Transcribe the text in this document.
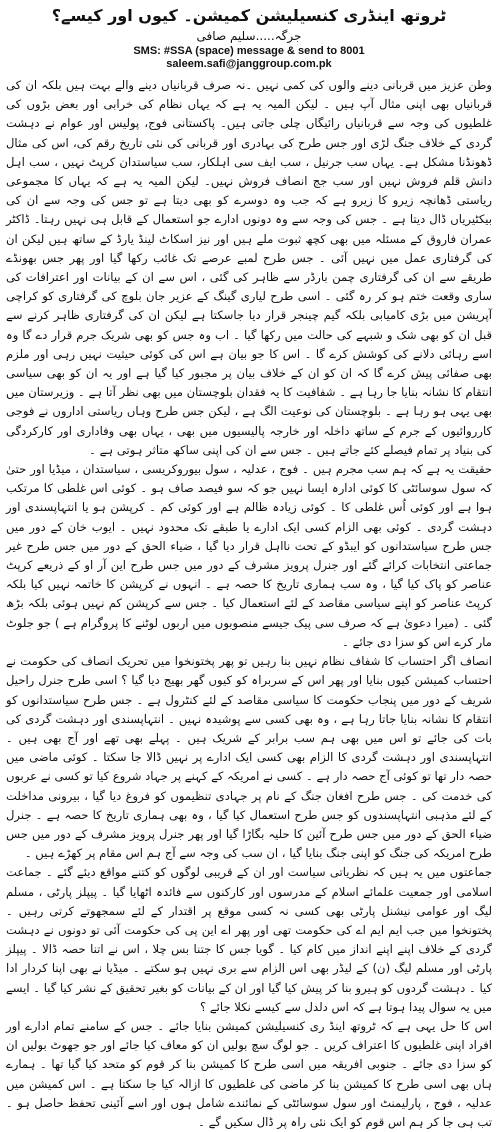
ٹروتھ اینڈری کنسیلیشن کمیشن۔ کیوں اور کیسے؟
جرگہ.....سلیم صافی
SMS: #SSA (space) message & send to 8001
saleem.safi@janggroup.com.pk

وطن عزیز میں قربانی دینے والوں کی کمی نہیں ۔نہ صرف قربانیاں دینے والے بہت ہیں بلکہ ان کی قربانیاں بھی اپنی مثال آپ ہیں ۔ لیکن المیہ یہ ہے کہ یہاں نظام کی خرابی اور بعض بڑوں کی غلطیوں کی وجہ سے قربانیاں رائیگاں چلی جاتی ہیں۔ پاکستانی فوج، پولیس اور عوام نے دہشت گردی کے خلاف جنگ لڑی اور جس طرح کی بہادری اور قربانی کی نئی تاریخ رقم کی، اس کی مثال ڈھونڈنا مشکل ہے۔ یہاں سب جرنیل ، سب ایف سی اہلکار، سب سیاستدان کرپٹ نہیں ، سب اہل دانش قلم فروش نہیں اور سب جج انصاف فروش نہیں۔ لیکن المیہ یہ ہے کہ یہاں کا مجموعی ریاستی ڈھانچہ زیرو کا زیرو ہے کہ جب وہ دوسرے کو بھی دیتا ہے تو جس کی وجہ سے ان کی بیکٹیریاں ڈال دیتا ہے ۔ جس کی وجہ سے وہ دونوں ادارے جو استعمال کے قابل ہی نہیں رہتا۔ ڈاکٹر عمران فاروق کے مسئلہ میں بھی کچھ ثبوت ملے ہیں اور نیز اسکاٹ لینڈ یارڈ کے ساتھ ہیں لیکن ان کی گرفتاری عمل میں نہیں آئی ۔ جس طرح لمبے عرصے تک غائب رکھا گیا اور پھر جس بھونڈے طریقے سے ان کی گرفتاری چمن بارڈر سے ظاہر کی گئی ، اس سے ان کے بیانات اور اعترافات کی ساری وقعت ختم ہو کر رہ گئی ۔ اسی طرح لیاری گینگ کے عزیر جان بلوچ کی گرفتاری کو کراچی آپریشن میں بڑی کامیابی بلکہ گیم چینجر قرار دیا جاسکتا ہے لیکن ان کی گرفتاری ظاہر کرنے سے قبل ان کو بھی شک و شبہے کی حالت میں رکھا گیا ۔ اب وہ جس کو بھی شریک جرم قرار دے گا وہ اسے رہائی دلانے کی کوشش کرے گا ۔ اس کا جو بیان ہے اس کی کوئی حیثیت نہیں رہی اور ملزم بھی صفائی پیش کرے گا کہ ان کو ان کے خلاف بیان پر مجبور کیا گیا ہے اور یہ ان کو بھی سیاسی انتقام کا نشانہ بنایا جا رہا ہے ۔ شفافیت کا یہ فقدان بلوچستان میں بھی نظر آتا ہے ۔ وزیرستان میں بھی یہی ہو رہا ہے ۔ بلوچستان کی نوعیت الگ ہے ، لیکن جس طرح وہاں ریاستی اداروں نے فوجی کارروائیوں کے جرم کے ساتھ داخلہ اور خارجہ پالیسیوں میں بھی ، یہاں بھی وفاداری اور کارکردگی کی بنیاد پر تمام فیصلے کئے جاتے ہیں ۔ جس سے ان کی اپنی ساکھ متاثر ہوتی ہے ۔

حقیقت یہ ہے کہ ہم سب مجرم ہیں ۔ فوج ، عدلیہ ، سول بیوروکریسی ، سیاستدان ، میڈیا اور حتیٰ کہ سول سوسائٹی کا کوئی ادارہ ایسا نہیں جو کہ سو فیصد صاف ہو ۔ کوئی اس غلطی کا مرتکب ہوا ہے اور کوئی اُس غلطی کا ۔ کوئی زیادہ ظالم ہے اور کوئی کم ۔ کرپشن ہو یا انتہاپسندی اور دہشت گردی ۔ کوئی بھی الزام کسی ایک ادارے یا طبقے تک محدود نہیں ۔ ایوب خان کے دور میں جس طرح سیاستدانوں کو ایبڈو کے تحت نااہل قرار دیا گیا ، ضیاء الحق کے دور میں جس طرح غیر جماعتی انتخابات کرائے گئے اور جنرل پرویز مشرف کے دور میں جس طرح این آر او کے ذریعے کرپٹ عناصر کو پاک کیا گیا ، وہ سب ہماری تاریخ کا حصہ ہے ۔ انہوں نے کرپشن کا خاتمہ نہیں کیا بلکہ کرپٹ عناصر کو اپنے سیاسی مقاصد کے لئے استعمال کیا ۔ جس سے کرپشن کم نہیں ہوئی بلکہ بڑھ گئی ۔ (میرا دعویٰ ہے کہ صرف سی پیک جیسے منصوبوں میں اربوں لوٹنے کا پروگرام ہے ) جو جلوٹ مار کرے اس کو سزا دی جائے ۔

انصاف اگر احتساب کا شفاف نظام نہیں بنا رہیں تو پھر پختونخوا میں تحریک انصاف کی حکومت نے احتساب کمیشن کیوں بنایا اور پھر اس کے سربراہ کو کیوں گھر بھیج دیا گیا ؟ اسی طرح جنرل راحیل شریف کے دور میں پنجاب حکومت کا سیاسی مقاصد کے لئے کنٹرول ہے ۔ جس طرح سیاستدانوں کو انتقام کا نشانہ بنایا جاتا رہا ہے ، وہ بھی کسی سے پوشیدہ نہیں ۔ انتہاپسندی اور دہشت گردی کی بات کی جائے تو اس میں بھی ہم سب برابر کے شریک ہیں ۔ پہلے بھی تھے اور آج بھی ہیں ۔ انتہاپسندی اور دہشت گردی کا الزام بھی کسی ایک ادارے پر نہیں ڈالا جا سکتا ۔ کوئی ماضی میں حصہ دار تھا تو کوئی آج حصہ دار ہے ۔ کسی نے امریکہ کے کہنے پر جہاد شروع کیا تو کسی نے عربوں کی خدمت کی ۔ جس طرح افغان جنگ کے نام پر جہادی تنظیموں کو فروغ دیا گیا ، بیرونی مداخلت کے لئے مذہبی انتہاپسندوں کو جس طرح استعمال کیا گیا ، وہ بھی ہماری تاریخ کا حصہ ہے ۔ جنرل ضیاء الحق کے دور میں جس طرح آئین کا حلیہ بگاڑا گیا اور پھر جنرل پرویز مشرف کے دور میں جس طرح امریکہ کی جنگ کو اپنی جنگ بنایا گیا ، ان سب کی وجہ سے آج ہم اس مقام پر کھڑے ہیں ۔

جماعتوں میں یہ ہیں کہ نظریاتی سیاست اور ان کے قریبی لوگوں کو کتنے مواقع دیئے گئے ۔ جماعت اسلامی اور جمعیت علمائے اسلام کے مدرسوں اور کارکنوں سے فائدہ اٹھایا گیا ۔ پیپلز پارٹی ، مسلم لیگ اور عوامی نیشنل پارٹی بھی کسی نہ کسی موقع پر اقتدار کے لئے سمجھوتے کرتی رہیں ۔ پختونخوا میں جب ایم ایم اے کی حکومت تھی اور پھر اے این پی کی حکومت آئی تو دونوں نے دہشت گردی کے خلاف اپنے اپنے انداز میں کام کیا ۔ گویا جس کا جتنا بس چلا ، اس نے اتنا حصہ ڈالا ۔ پیپلز پارٹی اور مسلم لیگ (ن) کے لیڈر بھی اس الزام سے بری نہیں ہو سکتے ۔ میڈیا نے بھی اپنا کردار ادا کیا ۔ دہشت گردوں کو ہیرو بنا کر پیش کیا گیا اور ان کے بیانات کو بغیر تحقیق کے نشر کیا گیا ۔ ایسے میں یہ سوال پیدا ہوتا ہے کہ اس دلدل سے کیسے نکلا جائے ؟

اس کا حل یہی ہے کہ ٹروتھ اینڈ ری کنسیلیشن کمیشن بنایا جائے ۔ جس کے سامنے تمام ادارے اور افراد اپنی غلطیوں کا اعتراف کریں ۔ جو لوگ سچ بولیں ان کو معاف کیا جائے اور جو جھوٹ بولیں ان کو سزا دی جائے ۔ جنوبی افریقہ میں اسی طرح کا کمیشن بنا کر قوم کو متحد کیا گیا تھا ۔ ہمارے ہاں بھی اسی طرح کا کمیشن بنا کر ماضی کی غلطیوں کا ازالہ کیا جا سکتا ہے ۔ اس کمیشن میں عدلیہ ، فوج ، پارلیمنٹ اور سول سوسائٹی کے نمائندے شامل ہوں اور اسے آئینی تحفظ حاصل ہو ۔ تب ہی جا کر ہم اس قوم کو ایک نئی راہ پر ڈال سکیں گے ۔
